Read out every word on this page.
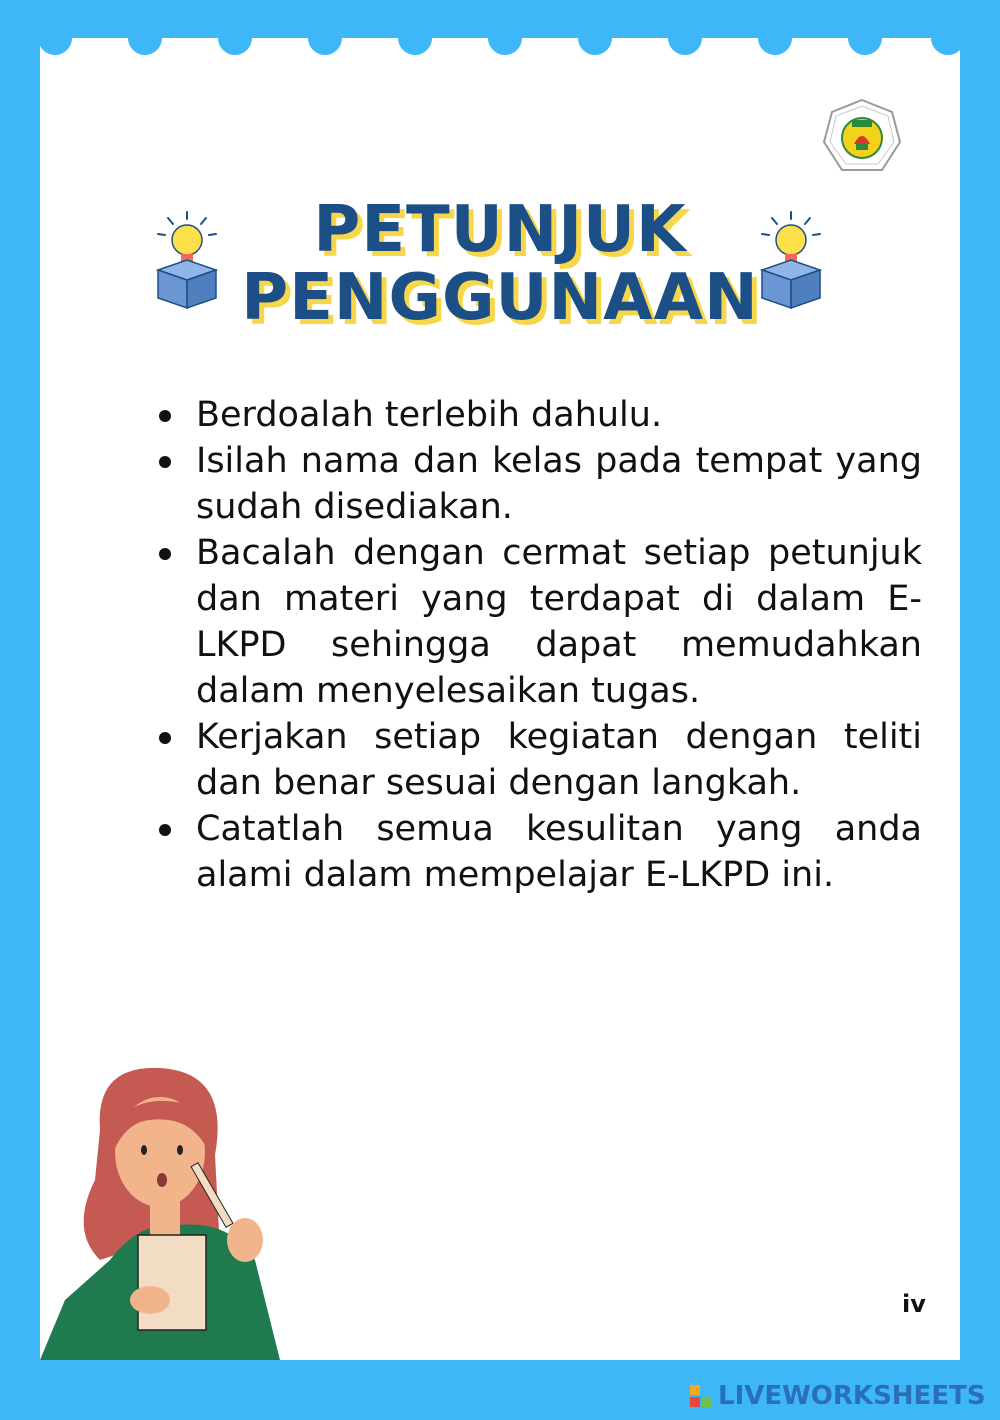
PETUNJUK
PENGGUNAAN
Berdoalah terlebih dahulu.
Isilah nama dan kelas pada tempat yang sudah disediakan.
Bacalah dengan cermat setiap petunjuk dan materi yang terdapat di dalam E-LKPD sehingga dapat memudahkan dalam menyelesaikan tugas.
Kerjakan setiap kegiatan dengan teliti dan benar sesuai dengan langkah.
Catatlah semua kesulitan yang anda alami dalam mempelajar E-LKPD ini.
iv
LIVEWORKSHEETS
